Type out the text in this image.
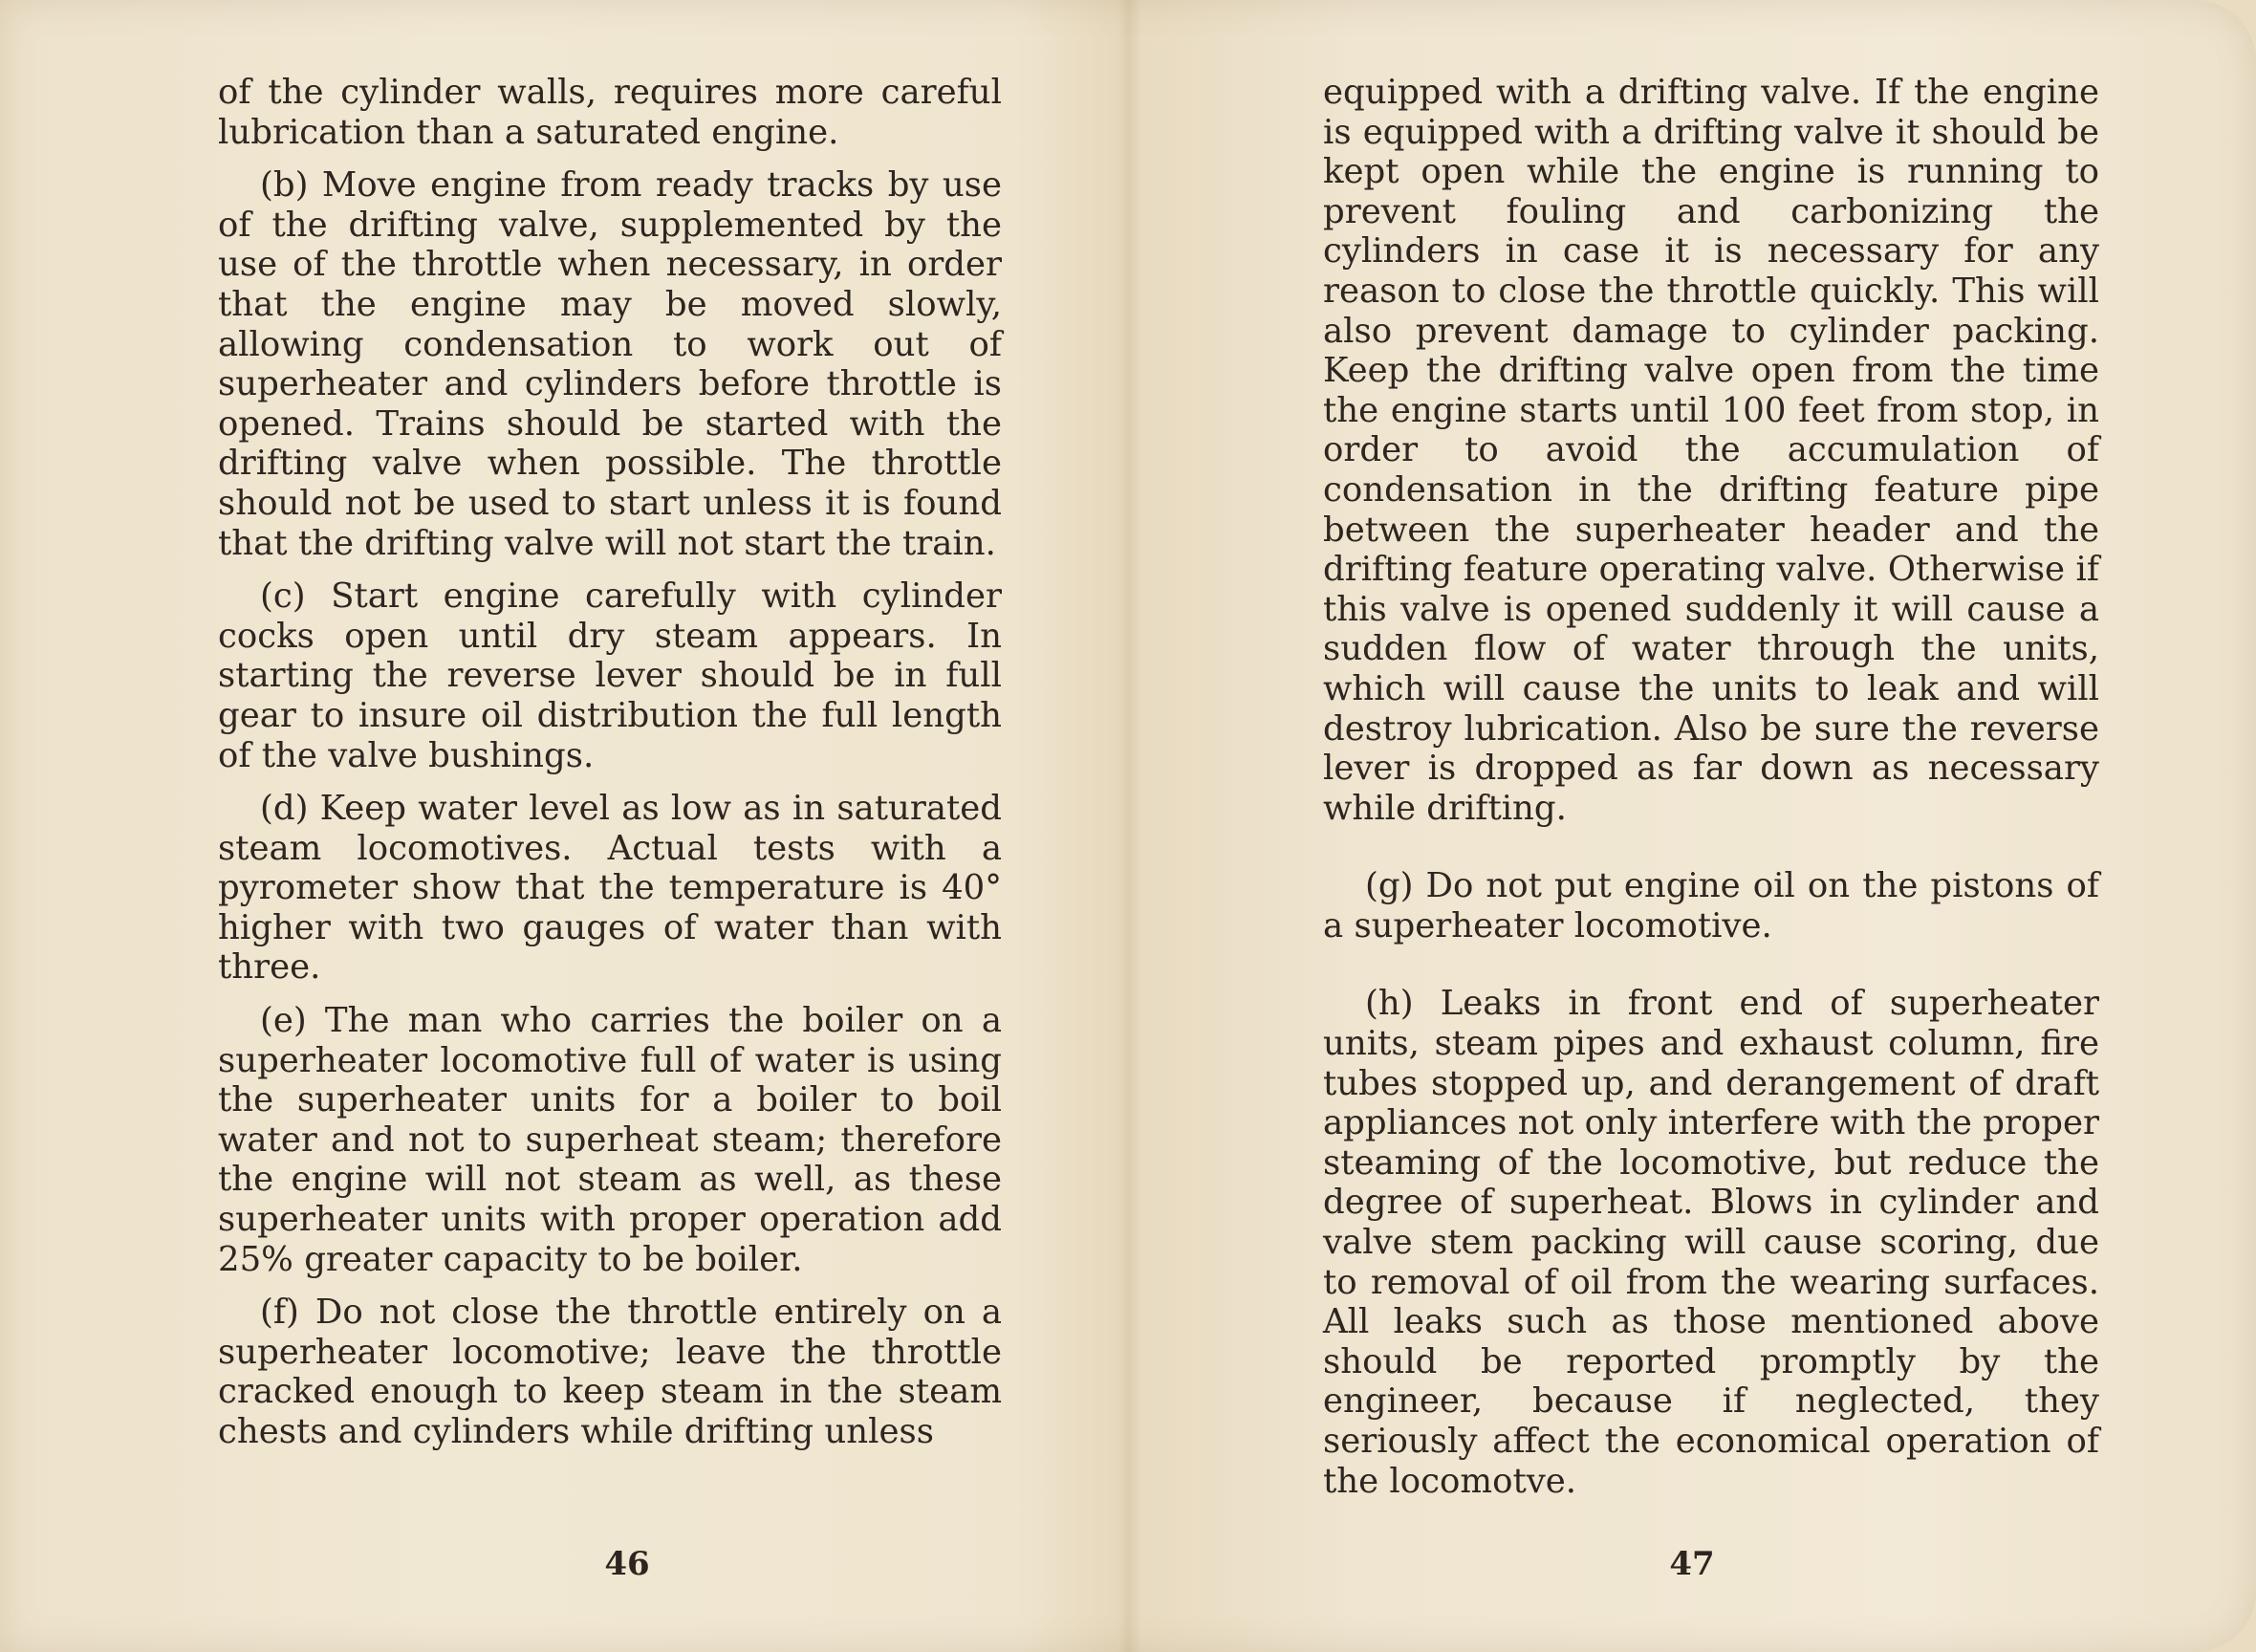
of the cylinder walls, requires more careful lubrication than a saturated engine.

(b) Move engine from ready tracks by use of the drifting valve, supplemented by the use of the throttle when necessary, in order that the engine may be moved slowly, allowing condensation to work out of superheater and cylinders before throttle is opened. Trains should be started with the drifting valve when possible. The throttle should not be used to start unless it is found that the drifting valve will not start the train.

(c) Start engine carefully with cylinder cocks open until dry steam appears. In starting the reverse lever should be in full gear to insure oil distribution the full length of the valve bushings.

(d) Keep water level as low as in saturated steam locomotives. Actual tests with a pyrometer show that the temperature is 40° higher with two gauges of water than with three.

(e) The man who carries the boiler on a superheater locomotive full of water is using the superheater units for a boiler to boil water and not to superheat steam; therefore the engine will not steam as well, as these superheater units with proper operation add 25% greater capacity to be boiler.

(f) Do not close the throttle entirely on a superheater locomotive; leave the throttle cracked enough to keep steam in the steam chests and cylinders while drifting unless

46

equipped with a drifting valve. If the engine is equipped with a drifting valve it should be kept open while the engine is running to prevent fouling and carbonizing the cylinders in case it is necessary for any reason to close the throttle quickly. This will also prevent damage to cylinder packing. Keep the drifting valve open from the time the engine starts until 100 feet from stop, in order to avoid the accumulation of condensation in the drifting feature pipe between the superheater header and the drifting feature operating valve. Otherwise if this valve is opened suddenly it will cause a sudden flow of water through the units, which will cause the units to leak and will destroy lubrication. Also be sure the reverse lever is dropped as far down as necessary while drifting.

(g) Do not put engine oil on the pistons of a superheater locomotive.

(h) Leaks in front end of superheater units, steam pipes and exhaust column, fire tubes stopped up, and derangement of draft appliances not only interfere with the proper steaming of the locomotive, but reduce the degree of superheat. Blows in cylinder and valve stem packing will cause scoring, due to removal of oil from the wearing surfaces. All leaks such as those mentioned above should be reported promptly by the engineer, because if neglected, they seriously affect the economical operation of the locomotve.

47
